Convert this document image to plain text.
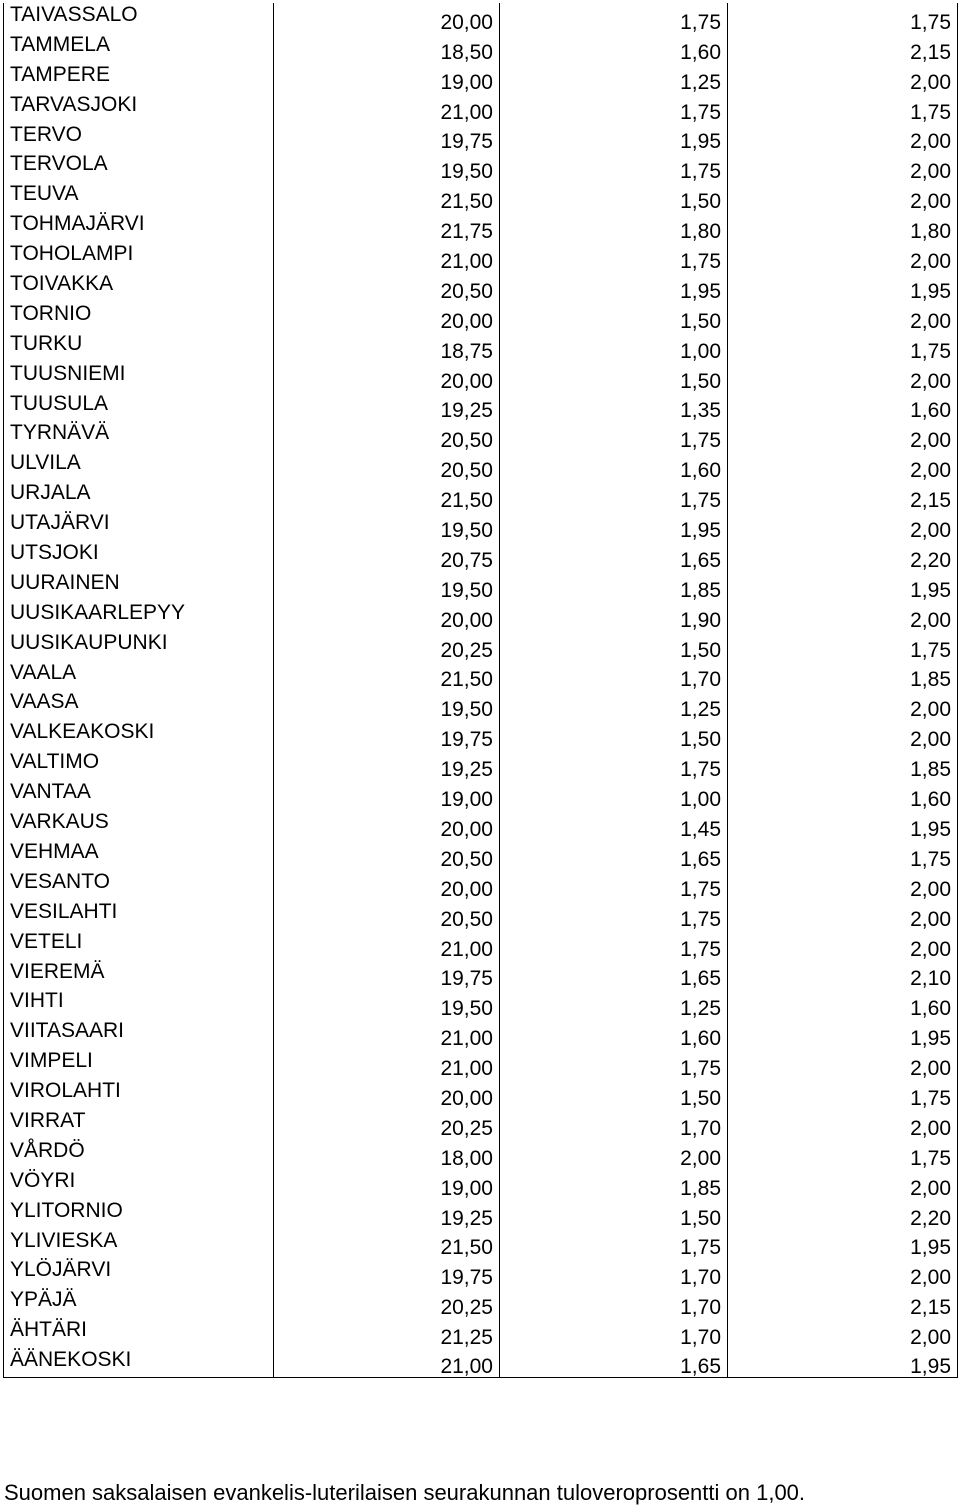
TAIVASSALO	20,00	1,75	1,75
TAMMELA	18,50	1,60	2,15
TAMPERE	19,00	1,25	2,00
TARVASJOKI	21,00	1,75	1,75
TERVO	19,75	1,95	2,00
TERVOLA	19,50	1,75	2,00
TEUVA	21,50	1,50	2,00
TOHMAJÄRVI	21,75	1,80	1,80
TOHOLAMPI	21,00	1,75	2,00
TOIVAKKA	20,50	1,95	1,95
TORNIO	20,00	1,50	2,00
TURKU	18,75	1,00	1,75
TUUSNIEMI	20,00	1,50	2,00
TUUSULA	19,25	1,35	1,60
TYRNÄVÄ	20,50	1,75	2,00
ULVILA	20,50	1,60	2,00
URJALA	21,50	1,75	2,15
UTAJÄRVI	19,50	1,95	2,00
UTSJOKI	20,75	1,65	2,20
UURAINEN	19,50	1,85	1,95
UUSIKAARLEPYY	20,00	1,90	2,00
UUSIKAUPUNKI	20,25	1,50	1,75
VAALA	21,50	1,70	1,85
VAASA	19,50	1,25	2,00
VALKEAKOSKI	19,75	1,50	2,00
VALTIMO	19,25	1,75	1,85
VANTAA	19,00	1,00	1,60
VARKAUS	20,00	1,45	1,95
VEHMAA	20,50	1,65	1,75
VESANTO	20,00	1,75	2,00
VESILAHTI	20,50	1,75	2,00
VETELI	21,00	1,75	2,00
VIEREMÄ	19,75	1,65	2,10
VIHTI	19,50	1,25	1,60
VIITASAARI	21,00	1,60	1,95
VIMPELI	21,00	1,75	2,00
VIROLAHTI	20,00	1,50	1,75
VIRRAT	20,25	1,70	2,00
VÅRDÖ	18,00	2,00	1,75
VÖYRI	19,00	1,85	2,00
YLITORNIO	19,25	1,50	2,20
YLIVIESKA	21,50	1,75	1,95
YLÖJÄRVI	19,75	1,70	2,00
YPÄJÄ	20,25	1,70	2,15
ÄHTÄRI	21,25	1,70	2,00
ÄÄNEKOSKI	21,00	1,65	1,95
Suomen saksalaisen evankelis-luterilaisen seurakunnan tuloveroprosentti on 1,00.
